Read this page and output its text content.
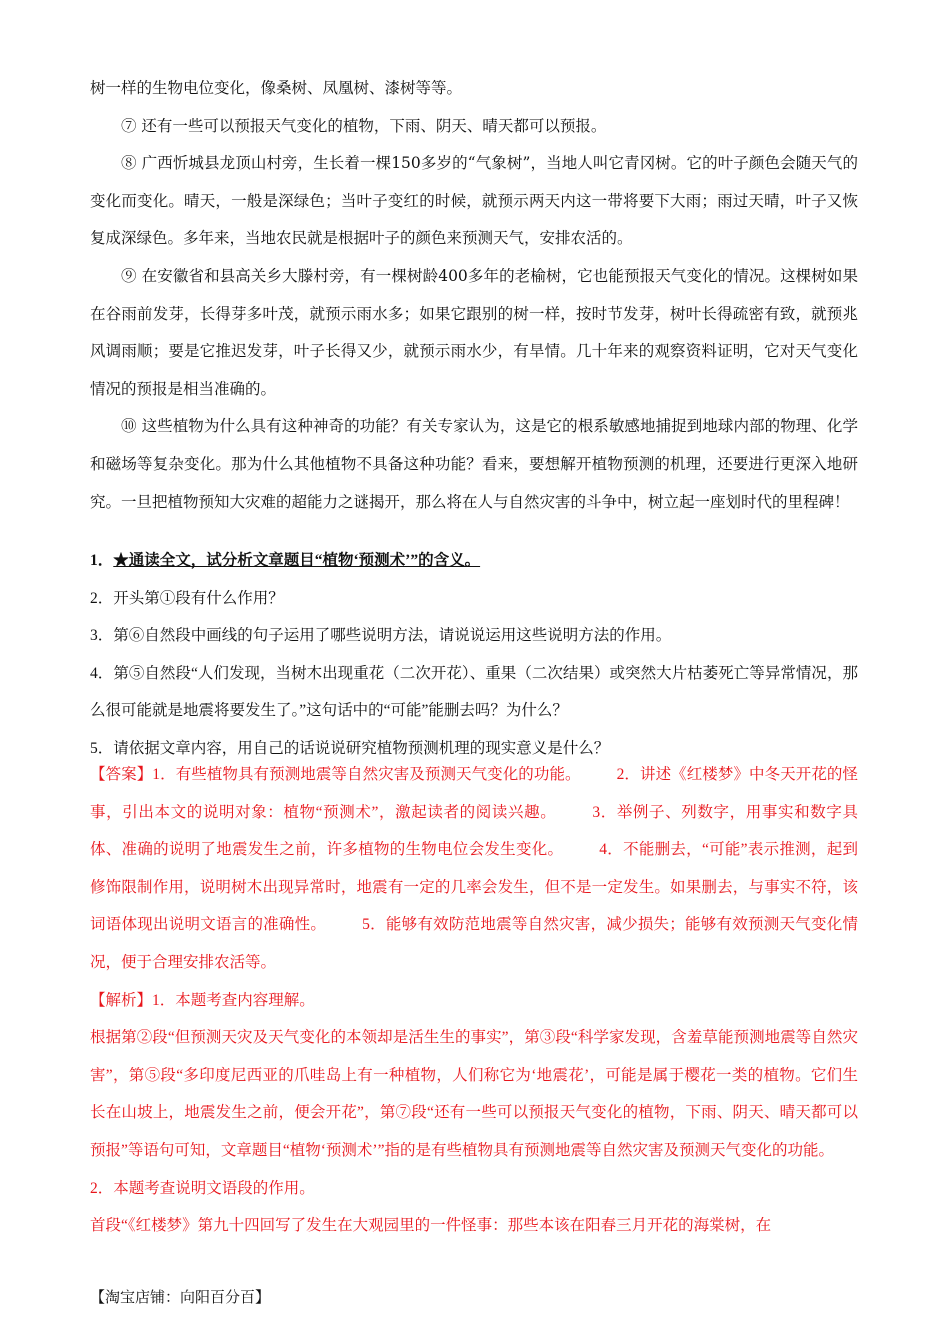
树一样的生物电位变化，像桑树、凤凰树、漆树等等。

⑦ 还有一些可以预报天气变化的植物，下雨、阴天、晴天都可以预报。

⑧ 广西忻城县龙顶山村旁，生长着一棵150多岁的“气象树”，当地人叫它青冈树。它的叶子颜色会随天气的变化而变化。晴天，一般是深绿色；当叶子变红的时候，就预示两天内这一带将要下大雨；雨过天晴，叶子又恢复成深绿色。多年来，当地农民就是根据叶子的颜色来预测天气，安排农活的。

⑨ 在安徽省和县高关乡大滕村旁，有一棵树龄400多年的老榆树，它也能预报天气变化的情况。这棵树如果在谷雨前发芽，长得芽多叶茂，就预示雨水多；如果它跟别的树一样，按时节发芽，树叶长得疏密有致，就预兆风调雨顺；要是它推迟发芽，叶子长得又少，就预示雨水少，有旱情。几十年来的观察资料证明，它对天气变化情况的预报是相当准确的。

⑩ 这些植物为什么具有这种神奇的功能？有关专家认为，这是它的根系敏感地捕捉到地球内部的物理、化学和磁场等复杂变化。那为什么其他植物不具备这种功能？看来，要想解开植物预测的机理，还要进行更深入地研究。一旦把植物预知大灾难的超能力之谜揭开，那么将在人与自然灾害的斗争中，树立起一座划时代的里程碑！

1．★通读全文，试分析文章题目“植物‘预测术’”的含义。

2．开头第①段有什么作用？

3．第⑥自然段中画线的句子运用了哪些说明方法，请说说运用这些说明方法的作用。

4．第⑤自然段“人们发现，当树木出现重花（二次开花）、重果（二次结果）或突然大片枯萎死亡等异常情况，那么很可能就是地震将要发生了。”这句话中的“可能”能删去吗？为什么？

5．请依据文章内容，用自己的话说说研究植物预测机理的现实意义是什么？

【答案】1．有些植物具有预测地震等自然灾害及预测天气变化的功能。 2．讲述《红楼梦》中冬天开花的怪事，引出本文的说明对象：植物“预测术”，激起读者的阅读兴趣。 3．举例子、列数字，用事实和数字具体、准确的说明了地震发生之前，许多植物的生物电位会发生变化。 4．不能删去，“可能”表示推测，起到修饰限制作用，说明树木出现异常时，地震有一定的几率会发生，但不是一定发生。如果删去，与事实不符，该词语体现出说明文语言的准确性。 5．能够有效防范地震等自然灾害，减少损失；能够有效预测天气变化情况，便于合理安排农活等。

【解析】1．本题考查内容理解。

根据第②段“但预测天灾及天气变化的本领却是活生生的事实”，第③段“科学家发现，含羞草能预测地震等自然灾害”，第⑤段“多印度尼西亚的爪哇岛上有一种植物，人们称它为‘地震花’，可能是属于樱花一类的植物。它们生长在山坡上，地震发生之前，便会开花”，第⑦段“还有一些可以预报天气变化的植物，下雨、阴天、晴天都可以预报”等语句可知，文章题目“植物‘预测术’”指的是有些植物具有预测地震等自然灾害及预测天气变化的功能。

2．本题考查说明文语段的作用。

首段“《红楼梦》第九十四回写了发生在大观园里的一件怪事：那些本该在阳春三月开花的海棠树，在

【淘宝店铺：向阳百分百】
